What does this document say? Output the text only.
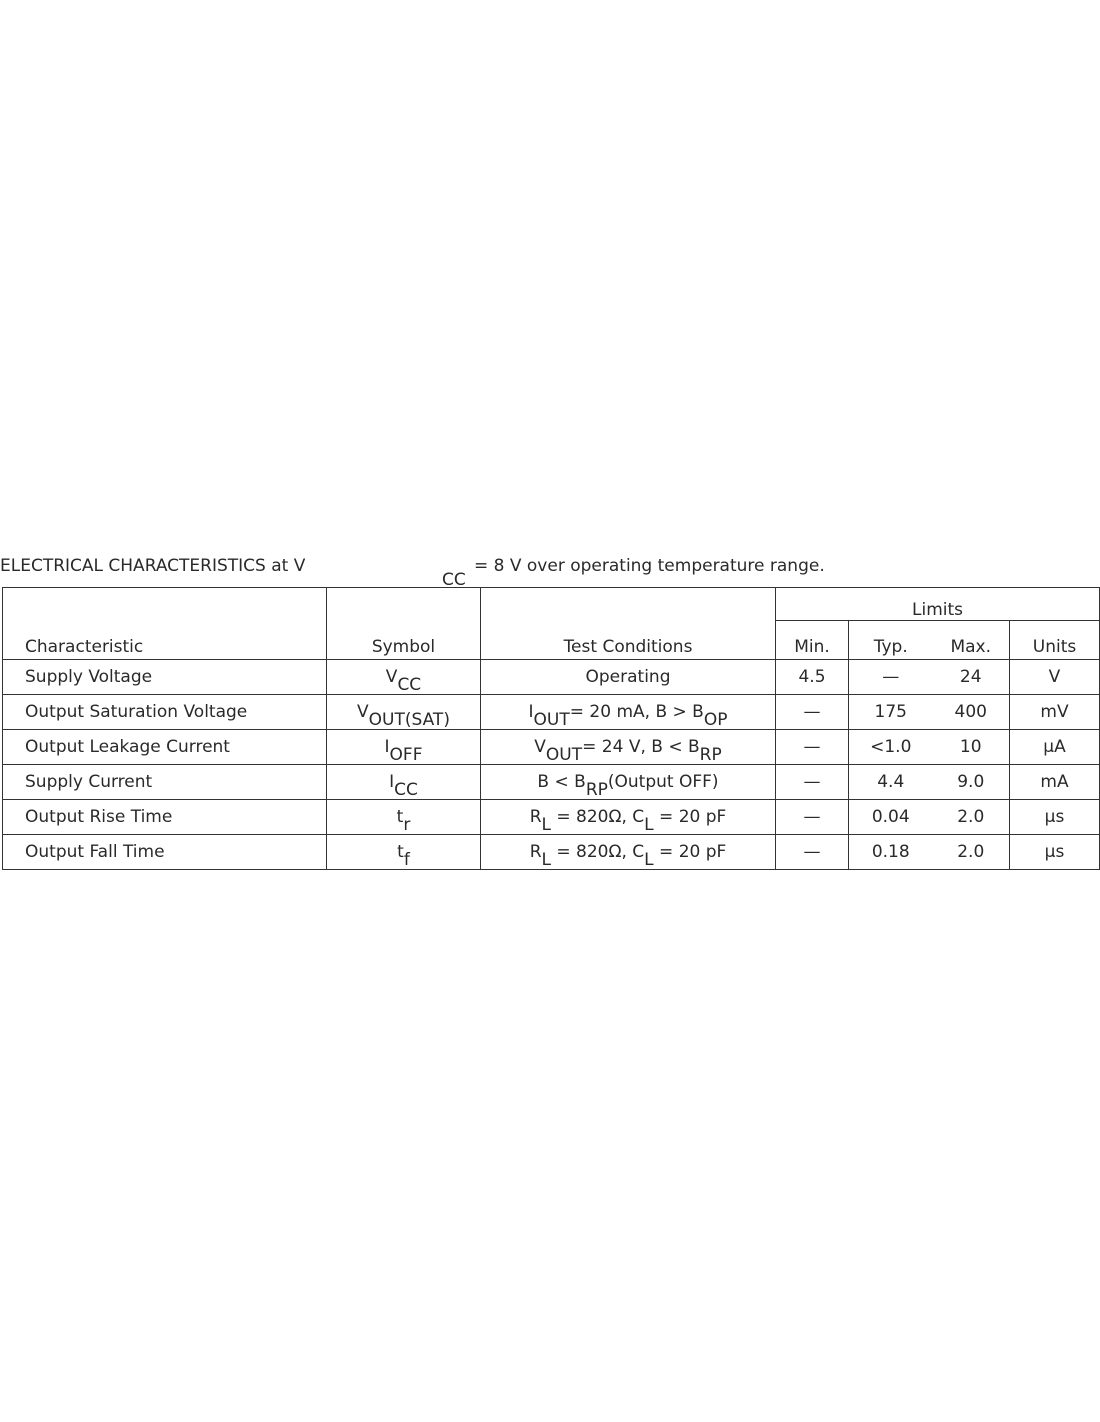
ELECTRICAL CHARACTERISTICS at V
CC
= 8 V over operating temperature range.
Characteristic	Symbol	Test Conditions	Limits			
			Min.	Typ.	Max.	Units
Supply Voltage	$V_{CC}$	Operating	4.5	—	24	V
Output Saturation Voltage	$V_{OUT(SAT)}$	$I_{OUT}= 20$ mA, $B > B_{OP}$	—	175	400	mV
Output Leakage Current	$I_{OFF}$	$V_{OUT}= 24$ V, $B < B_{RP}$	—	<1.0	10	µA
Supply Current	$I_{CC}$	$B < B_{RP}(Output$ OFF)	—	4.4	9.0	mA
Output Rise Time	$t_r$	$R_L = 820\Omega$, $C_L = 20$ pF	—	0.04	2.0	µs
Output Fall Time	$t_f$	$R_L = 820\Omega$, $C_L = 20$ pF	—	0.18	2.0	µs
